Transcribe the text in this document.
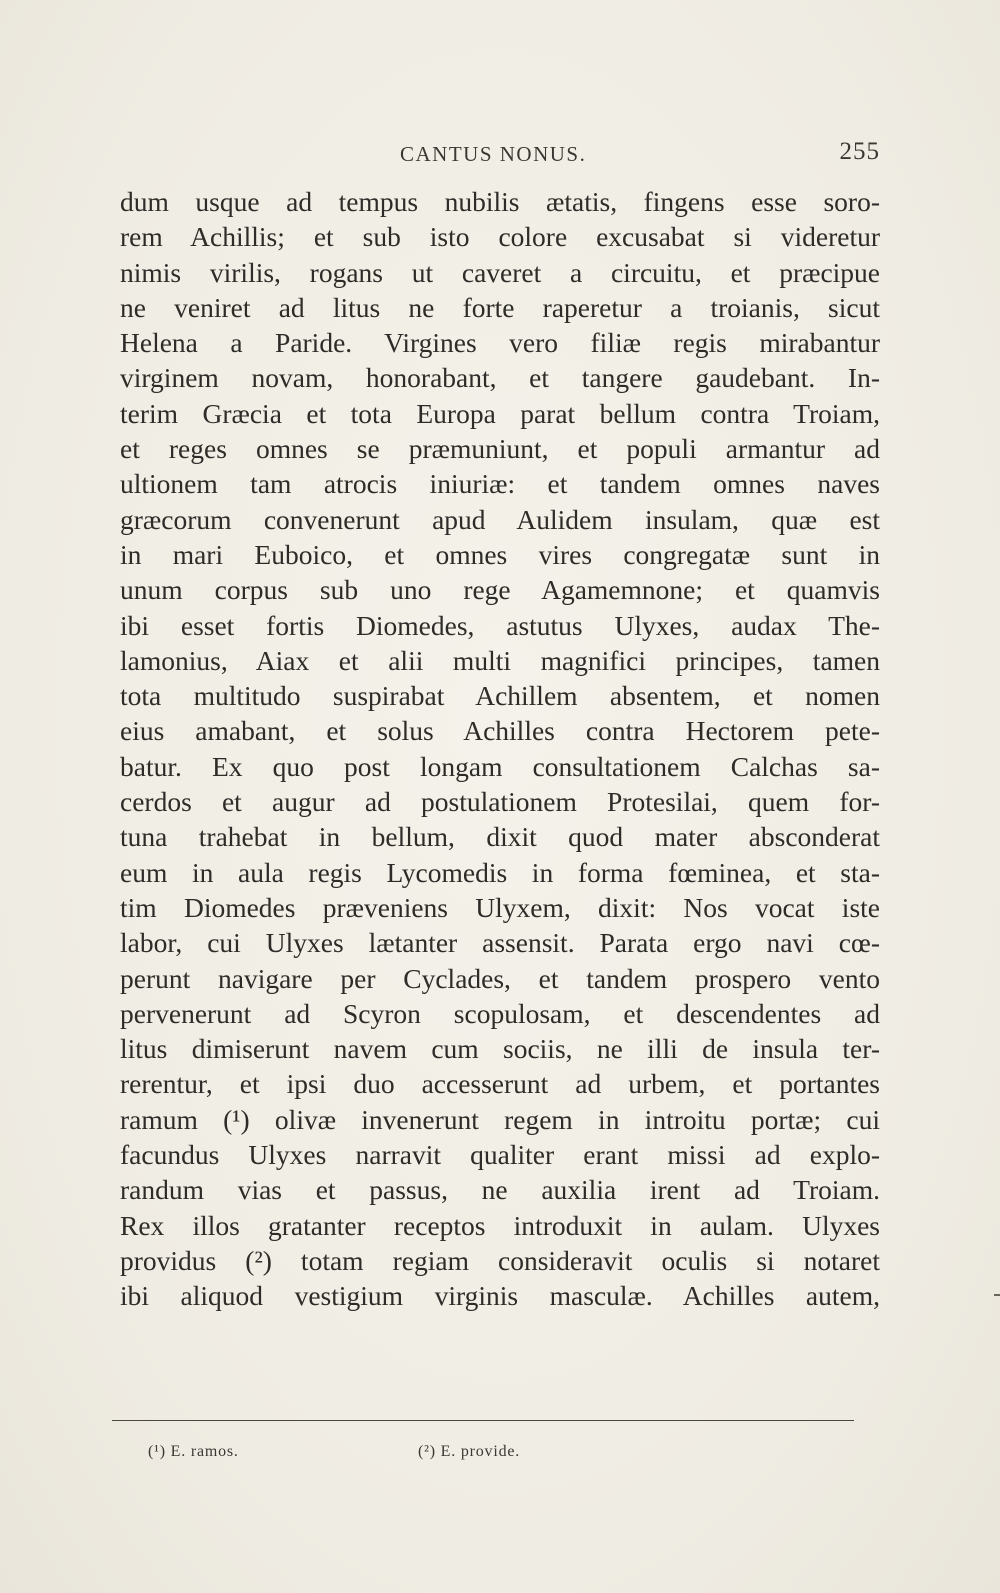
CANTUS NONUS.	255
dum usque ad tempus nubilis ætatis, fingens esse soro-
rem Achillis; et sub isto colore excusabat si videretur
nimis virilis, rogans ut caveret a circuitu, et præcipue
ne veniret ad litus ne forte raperetur a troianis, sicut
Helena a Paride. Virgines vero filiæ regis mirabantur
virginem novam, honorabant, et tangere gaudebant. In-
terim Græcia et tota Europa parat bellum contra Troiam,
et reges omnes se præmuniunt, et populi armantur ad
ultionem tam atrocis iniuriæ: et tandem omnes naves
græcorum convenerunt apud Aulidem insulam, quæ est
in mari Euboico, et omnes vires congregatæ sunt in
unum corpus sub uno rege Agamemnone; et quamvis
ibi esset fortis Diomedes, astutus Ulyxes, audax The-
lamonius, Aiax et alii multi magnifici principes, tamen
tota multitudo suspirabat Achillem absentem, et nomen
eius amabant, et solus Achilles contra Hectorem pete-
batur. Ex quo post longam consultationem Calchas sa-
cerdos et augur ad postulationem Protesilai, quem for-
tuna trahebat in bellum, dixit quod mater absconderat
eum in aula regis Lycomedis in forma fœminea, et sta-
tim Diomedes præveniens Ulyxem, dixit: Nos vocat iste
labor, cui Ulyxes lætanter assensit. Parata ergo navi cœ-
perunt navigare per Cyclades, et tandem prospero vento
pervenerunt ad Scyron scopulosam, et descendentes ad
litus dimiserunt navem cum sociis, ne illi de insula ter-
rerentur, et ipsi duo accesserunt ad urbem, et portantes
ramum (¹) olivæ invenerunt regem in introitu portæ; cui
facundus Ulyxes narravit qualiter erant missi ad explo-
randum vias et passus, ne auxilia irent ad Troiam.
Rex illos gratanter receptos introduxit in aulam. Ulyxes
providus (²) totam regiam consideravit oculis si notaret
ibi aliquod vestigium virginis masculæ. Achilles autem,
(¹) E. ramos.	(²) E. provide.
